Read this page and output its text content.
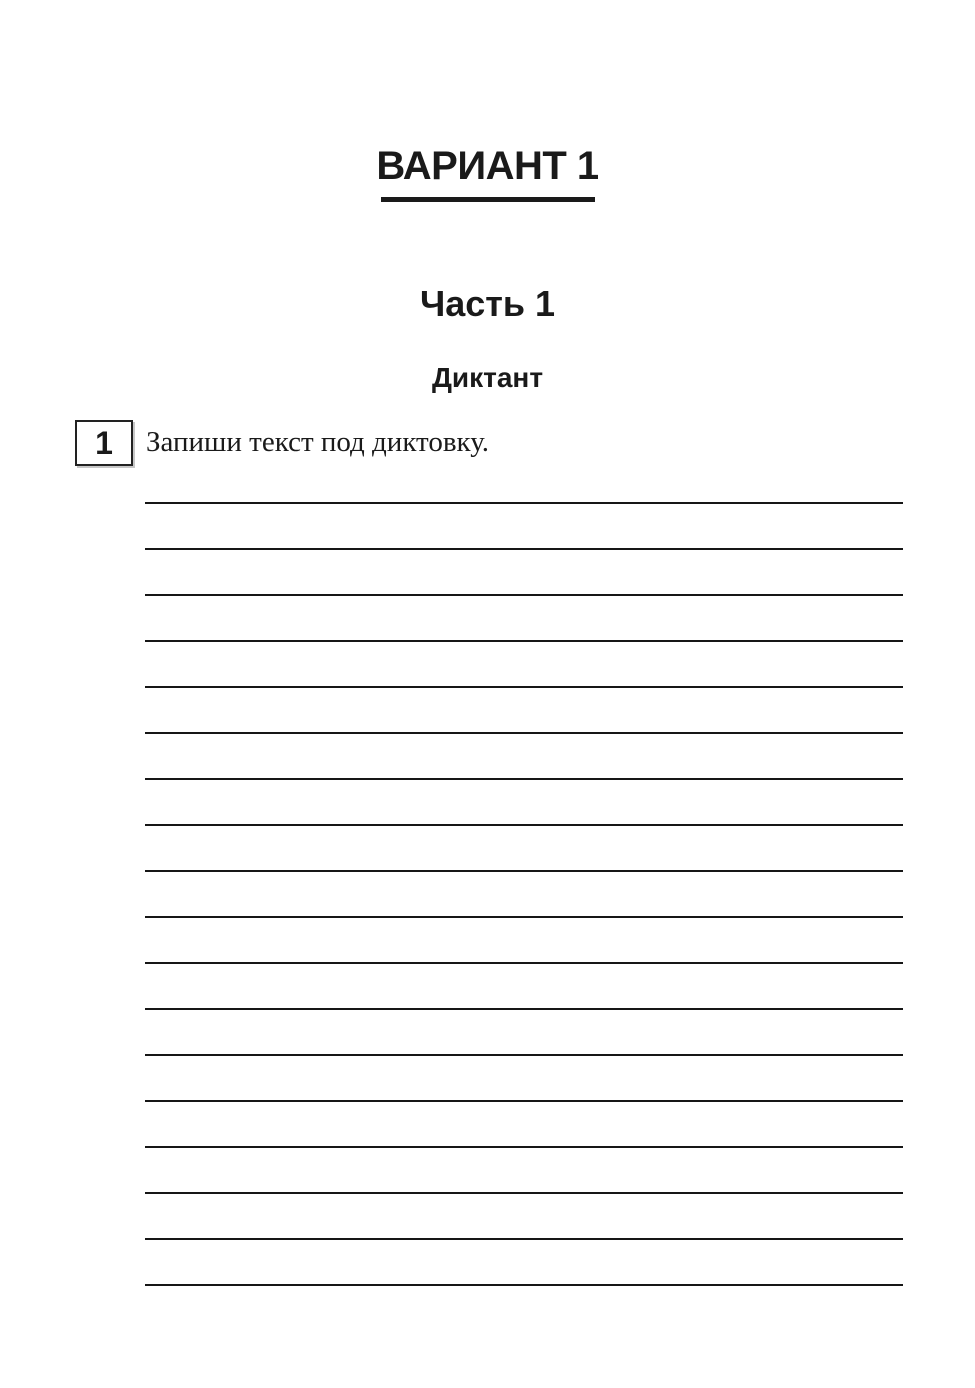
ВАРИАНТ 1
Часть 1
Диктант
1 Запиши текст под диктовку.
